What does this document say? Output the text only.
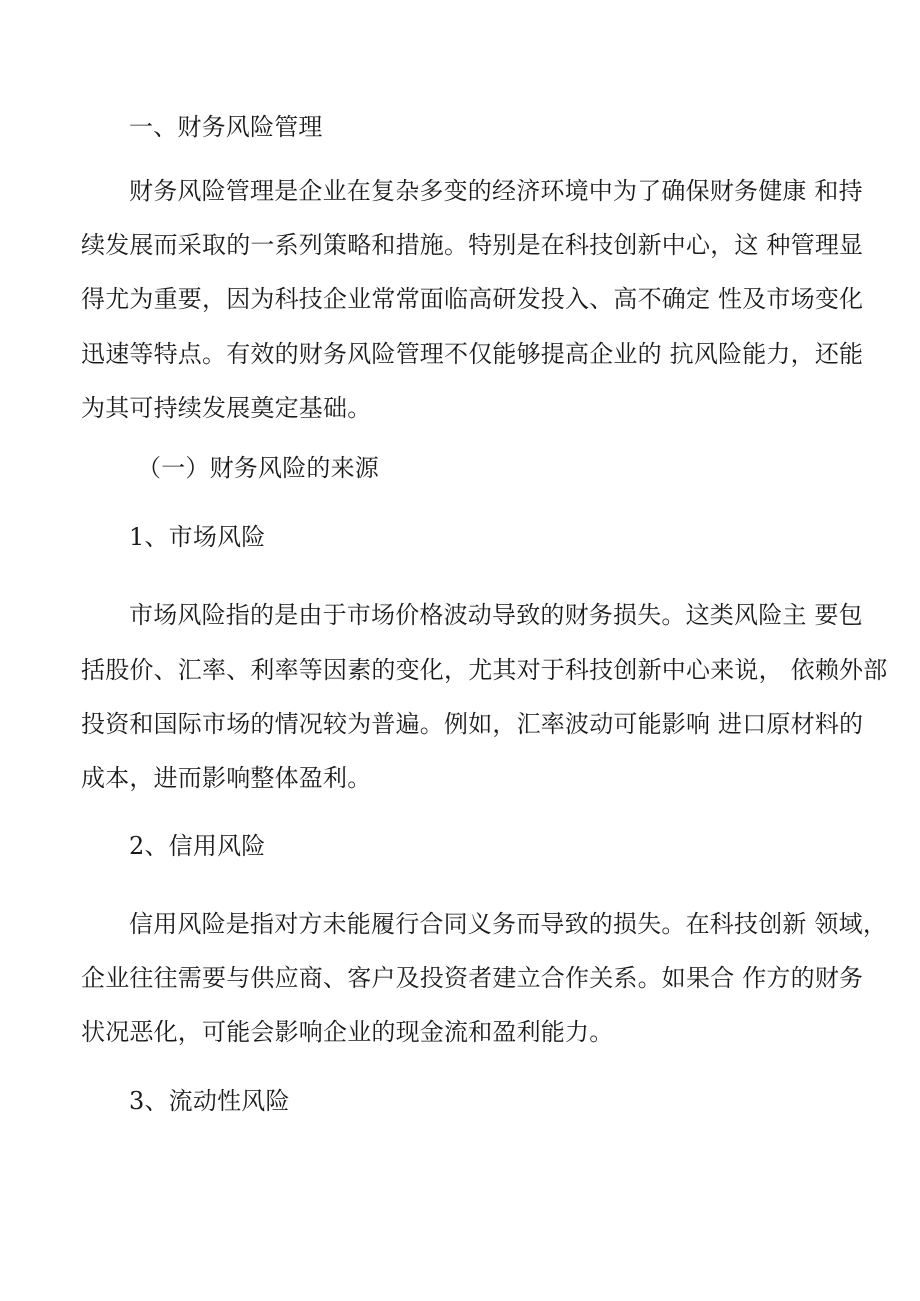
一、财务风险管理
财务风险管理是企业在复杂多变的经济环境中为了确保财务健康 和持
续发展而采取的一系列策略和措施。特别是在科技创新中心，这 种管理显
得尤为重要，因为科技企业常常面临高研发投入、高不确定 性及市场变化
迅速等特点。有效的财务风险管理不仅能够提高企业的 抗风险能力，还能
为其可持续发展奠定基础。
（一）财务风险的来源
1、市场风险
市场风险指的是由于市场价格波动导致的财务损失。这类风险主 要包
括股价、汇率、利率等因素的变化，尤其对于科技创新中心来说， 依赖外部
投资和国际市场的情况较为普遍。例如，汇率波动可能影响 进口原材料的
成本，进而影响整体盈利。
2、信用风险
信用风险是指对方未能履行合同义务而导致的损失。在科技创新 领域，
企业往往需要与供应商、客户及投资者建立合作关系。如果合 作方的财务
状况恶化，可能会影响企业的现金流和盈利能力。
3、流动性风险
